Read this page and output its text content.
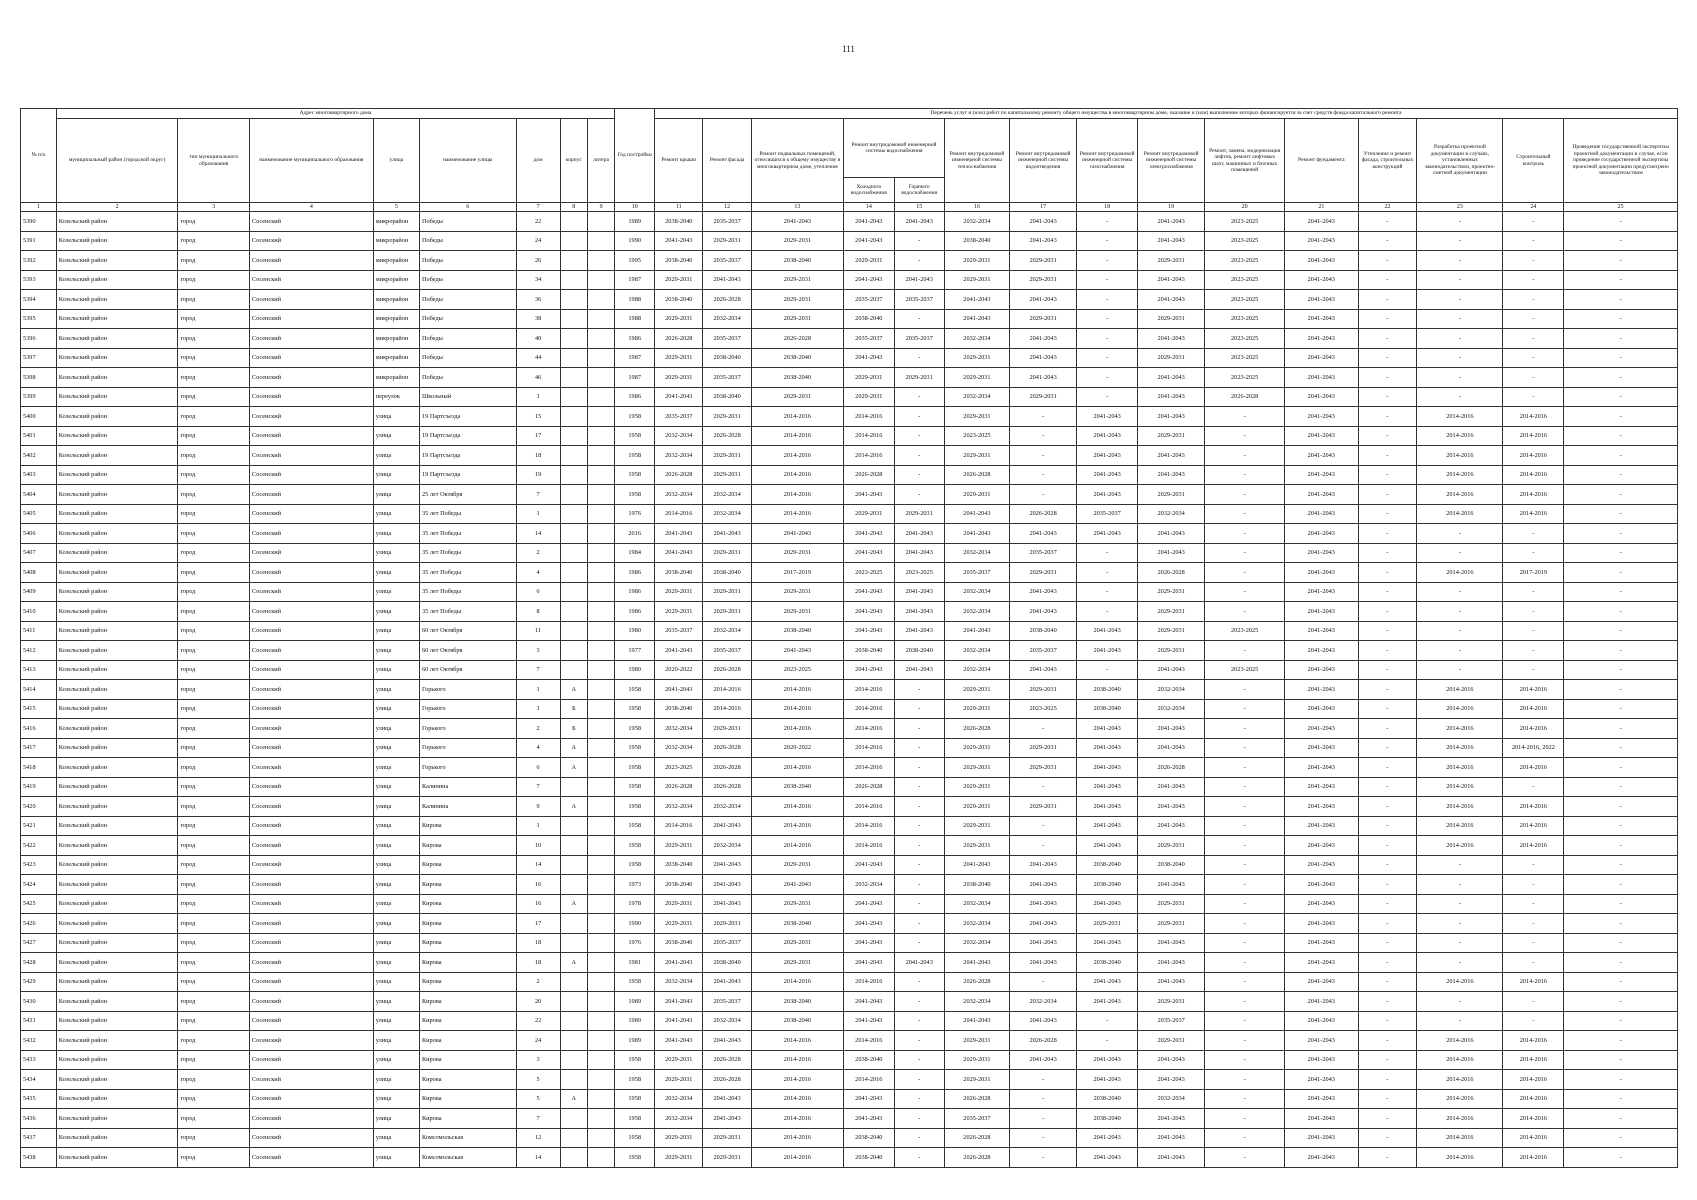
111
№ п/п	Адрес многоквартирного дома								Год постройки	Перечень услуг и (или) работ по капитальному ремонту общего имущества в многоквартирном доме, оказание и (или) выполнение которых финансируется за счет средств фонда капитального ремонта														
	муниципальный район (городской округ)	тип муниципального образования	наименование муниципального образования	улица	наименование улицы	дом	корпус	литера		Ремонт крыши	Ремонт фасада	Ремонт подвальных помещений, относящихся к общему имуществу в многоквартирном доме, утепление	Ремонт внутридомовой инженерной системы водоснабжения		Ремонт внутридомовой инженерной системы теплоснабжения	Ремонт внутридомовой инженерной системы водоотведения	Ремонт внутридомовой инженерной системы газоснабжения	Ремонт внутридомовой инженерной системы электроснабжения	Ремонт, замена, модернизация лифтов, ремонт лифтовых шахт, машинных и блочных помещений	Ремонт фундамента	Утепление и ремонт фасада, строительных конструкций	Разработка проектной документации в случаях, установленных законодательством, проектно-сметной документации	Строительный контроль	Проведение государственной экспертизы проектной документации в случае, если проведение государственной экспертизы проектной документации предусмотрено законодательством
													Холодного водоснабжения	Горячего водоснабжения										
1	2	3	4	5	6	7	8	9	10	11	12	13	14	15	16	17	18	19	20	21	22	23	24	25
5390	Козельский район	город	Сосенский	микрорайон	Победы	22			1989	2038-2040	2035-2037	2041-2043	2041-2043	2041-2043	2032-2034	2041-2043	-	2041-2043	2023-2025	2041-2043	-	-	-	-
5391	Козельский район	город	Сосенский	микрорайон	Победы	24			1990	2041-2043	2029-2031	2029-2031	2041-2043	-	2038-2040	2041-2043	-	2041-2043	2023-2025	2041-2043	-	-	-	-
5392	Козельский район	город	Сосенский	микрорайон	Победы	26			1995	2038-2040	2035-2037	2038-2040	2029-2031	-	2029-2031	2029-2031	-	2029-2031	2023-2025	2041-2043	-	-	-	-
5393	Козельский район	город	Сосенский	микрорайон	Победы	34			1987	2029-2031	2041-2043	2029-2031	2041-2043	2041-2043	2029-2031	2029-2031	-	2041-2043	2023-2025	2041-2043	-	-	-	-
5394	Козельский район	город	Сосенский	микрорайон	Победы	36			1988	2038-2040	2026-2028	2029-2031	2035-2037	2035-2037	2041-2043	2041-2043	-	2041-2043	2023-2025	2041-2043	-	-	-	-
5395	Козельский район	город	Сосенский	микрорайон	Победы	38			1988	2029-2031	2032-2034	2029-2031	2038-2040	-	2041-2043	2029-2031	-	2029-2031	2023-2025	2041-2043	-	-	-	-
5396	Козельский район	город	Сосенский	микрорайон	Победы	40			1986	2026-2028	2035-2037	2026-2028	2035-2037	2035-2037	2032-2034	2041-2043	-	2041-2043	2023-2025	2041-2043	-	-	-	-
5397	Козельский район	город	Сосенский	микрорайон	Победы	44			1987	2029-2031	2038-2040	2038-2040	2041-2043	-	2029-2031	2041-2043	-	2029-2031	2023-2025	2041-2043	-	-	-	-
5398	Козельский район	город	Сосенский	микрорайон	Победы	46			1987	2029-2031	2035-2037	2038-2040	2029-2031	2029-2031	2029-2031	2041-2043	-	2041-2043	2023-2025	2041-2043	-	-	-	-
5399	Козельский район	город	Сосенский	переулок	Школьный	1			1986	2041-2043	2038-2040	2029-2031	2029-2031	-	2032-2034	2029-2031	-	2041-2043	2026-2028	2041-2043	-	-	-	-
5400	Козельский район	город	Сосенский	улица	19 Партсъезда	15			1958	2035-2037	2029-2031	2014-2016	2014-2016	-	2029-2031	-	2041-2043	2041-2043	-	2041-2043	-	2014-2016	2014-2016	-
5401	Козельский район	город	Сосенский	улица	19 Партсъезда	17			1958	2032-2034	2026-2028	2014-2016	2014-2016	-	2023-2025	-	2041-2043	2029-2031	-	2041-2043	-	2014-2016	2014-2016	-
5402	Козельский район	город	Сосенский	улица	19 Партсъезда	18			1958	2032-2034	2029-2031	2014-2016	2014-2016	-	2029-2031	-	2041-2043	2041-2043	-	2041-2043	-	2014-2016	2014-2016	-
5403	Козельский район	город	Сосенский	улица	19 Партсъезда	19			1958	2026-2028	2029-2031	2014-2016	2026-2028	-	2026-2028	-	2041-2043	2041-2043	-	2041-2043	-	2014-2016	2014-2016	-
5404	Козельский район	город	Сосенский	улица	25 лет Октября	7			1958	2032-2034	2032-2034	2014-2016	2041-2043	-	2029-2031	-	2041-2043	2029-2031	-	2041-2043	-	2014-2016	2014-2016	-
5405	Козельский район	город	Сосенский	улица	35 лет Победы	1			1976	2014-2016	2032-2034	2014-2016	2029-2031	2029-2031	2041-2043	2026-2028	2035-2037	2032-2034	-	2041-2043	-	2014-2016	2014-2016	-
5406	Козельский район	город	Сосенский	улица	35 лет Победы	14			2016	2041-2043	2041-2043	2041-2043	2041-2043	2041-2043	2041-2043	2041-2043	2041-2043	2041-2043	-	2041-2043	-	-	-	-
5407	Козельский район	город	Сосенский	улица	35 лет Победы	2			1984	2041-2043	2029-2031	2029-2031	2041-2043	2041-2043	2032-2034	2035-2037	-	2041-2043	-	2041-2043	-	-	-	-
5408	Козельский район	город	Сосенский	улица	35 лет Победы	4			1986	2038-2040	2038-2040	2017-2019	2023-2025	2023-2025	2035-2037	2029-2031	-	2026-2028	-	2041-2043	-	2014-2016	2017-2019	-
5409	Козельский район	город	Сосенский	улица	35 лет Победы	6			1986	2029-2031	2029-2031	2029-2031	2041-2043	2041-2043	2032-2034	2041-2043	-	2029-2031	-	2041-2043	-	-	-	-
5410	Козельский район	город	Сосенский	улица	35 лет Победы	8			1986	2029-2031	2029-2031	2029-2031	2041-2043	2041-2043	2032-2034	2041-2043	-	2029-2031	-	2041-2043	-	-	-	-
5411	Козельский район	город	Сосенский	улица	60 лет Октября	11			1980	2035-2037	2032-2034	2038-2040	2041-2043	2041-2043	2041-2043	2038-2040	2041-2043	2029-2031	2023-2025	2041-2043	-	-	-	-
5412	Козельский район	город	Сосенский	улица	60 лет Октября	3			1977	2041-2043	2035-2037	2041-2043	2038-2040	2038-2040	2032-2034	2035-2037	2041-2043	2029-2031	-	2041-2043	-	-	-	-
5413	Козельский район	город	Сосенский	улица	60 лет Октября	7			1980	2020-2022	2026-2028	2023-2025	2041-2043	2041-2043	2032-2034	2041-2043	-	2041-2043	2023-2025	2041-2043	-	-	-	-
5414	Козельский район	город	Сосенский	улица	Горького	1	А		1958	2041-2043	2014-2016	2014-2016	2014-2016	-	2029-2031	2029-2031	2038-2040	2032-2034	-	2041-2043	-	2014-2016	2014-2016	-
5415	Козельский район	город	Сосенский	улица	Горького	1	Б		1958	2038-2040	2014-2016	2014-2016	2014-2016	-	2029-2031	2023-2025	2038-2040	2032-2034	-	2041-2043	-	2014-2016	2014-2016	-
5416	Козельский район	город	Сосенский	улица	Горького	2	Б		1958	2032-2034	2029-2031	2014-2016	2014-2016	-	2026-2028	-	2041-2043	2041-2043	-	2041-2043	-	2014-2016	2014-2016	-
5417	Козельский район	город	Сосенский	улица	Горького	4	А		1958	2032-2034	2026-2028	2020-2022	2014-2016	-	2029-2031	2029-2031	2041-2043	2041-2043	-	2041-2043	-	2014-2016	2014-2016, 2022	-
5418	Козельский район	город	Сосенский	улица	Горького	6	А		1958	2023-2025	2026-2028	2014-2016	2014-2016	-	2029-2031	2029-2031	2041-2043	2026-2028	-	2041-2043	-	2014-2016	2014-2016	-
5419	Козельский район	город	Сосенский	улица	Калинина	7			1958	2026-2028	2026-2028	2038-2040	2026-2028	-	2029-2031	-	2041-2043	2041-2043	-	2041-2043	-	2014-2016	-	-
5420	Козельский район	город	Сосенский	улица	Калинина	9	А		1958	2032-2034	2032-2034	2014-2016	2014-2016	-	2029-2031	2029-2031	2041-2043	2041-2043	-	2041-2043	-	2014-2016	2014-2016	-
5421	Козельский район	город	Сосенский	улица	Кирова	1			1958	2014-2016	2041-2043	2014-2016	2014-2016	-	2029-2031	-	2041-2043	2041-2043	-	2041-2043	-	2014-2016	2014-2016	-
5422	Козельский район	город	Сосенский	улица	Кирова	10			1958	2029-2031	2032-2034	2014-2016	2014-2016	-	2029-2031	-	2041-2043	2029-2031	-	2041-2043	-	2014-2016	2014-2016	-
5423	Козельский район	город	Сосенский	улица	Кирова	14			1958	2038-2040	2041-2043	2029-2031	2041-2043	-	2041-2043	2041-2043	2038-2040	2038-2040	-	2041-2043	-	-	-	-
5424	Козельский район	город	Сосенский	улица	Кирова	16			1973	2038-2040	2041-2043	2041-2043	2032-2034	-	2038-2040	2041-2043	2038-2040	2041-2043	-	2041-2043	-	-	-	-
5425	Козельский район	город	Сосенский	улица	Кирова	16	А		1978	2029-2031	2041-2043	2029-2031	2041-2043	-	2032-2034	2041-2043	2041-2043	2029-2031	-	2041-2043	-	-	-	-
5426	Козельский район	город	Сосенский	улица	Кирова	17			1990	2029-2031	2029-2031	2038-2040	2041-2043	-	2032-2034	2041-2043	2029-2031	2029-2031	-	2041-2043	-	-	-	-
5427	Козельский район	город	Сосенский	улица	Кирова	18			1976	2038-2040	2035-2037	2029-2031	2041-2043	-	2032-2034	2041-2043	2041-2043	2041-2043	-	2041-2043	-	-	-	-
5428	Козельский район	город	Сосенский	улица	Кирова	18	А		1981	2041-2043	2038-2040	2029-2031	2041-2043	2041-2043	2041-2043	2041-2043	2038-2040	2041-2043	-	2041-2043	-	-	-	-
5429	Козельский район	город	Сосенский	улица	Кирова	2			1958	2032-2034	2041-2043	2014-2016	2014-2016	-	2026-2028	-	2041-2043	2041-2043	-	2041-2043	-	2014-2016	2014-2016	-
5430	Козельский район	город	Сосенский	улица	Кирова	20			1989	2041-2043	2035-2037	2038-2040	2041-2043	-	2032-2034	2032-2034	2041-2043	2029-2031	-	2041-2043	-	-	-	-
5431	Козельский район	город	Сосенский	улица	Кирова	22			1989	2041-2043	2032-2034	2038-2040	2041-2043	-	2041-2043	2041-2043	-	2035-2037	-	2041-2043	-	-	-	-
5432	Козельский район	город	Сосенский	улица	Кирова	24			1989	2041-2043	2041-2043	2014-2016	2014-2016	-	2029-2031	2026-2028	-	2029-2031	-	2041-2043	-	2014-2016	2014-2016	-
5433	Козельский район	город	Сосенский	улица	Кирова	3			1958	2029-2031	2026-2028	2014-2016	2038-2040	-	2029-2031	2041-2043	2041-2043	2041-2043	-	2041-2043	-	2014-2016	2014-2016	-
5434	Козельский район	город	Сосенский	улица	Кирова	5			1958	2029-2031	2026-2028	2014-2016	2014-2016	-	2029-2031	-	2041-2043	2041-2043	-	2041-2043	-	2014-2016	2014-2016	-
5435	Козельский район	город	Сосенский	улица	Кирова	5	А		1958	2032-2034	2041-2043	2014-2016	2041-2043	-	2026-2028	-	2038-2040	2032-2034	-	2041-2043	-	2014-2016	2014-2016	-
5436	Козельский район	город	Сосенский	улица	Кирова	7			1958	2032-2034	2041-2043	2014-2016	2041-2043	-	2035-2037	-	2038-2040	2041-2043	-	2041-2043	-	2014-2016	2014-2016	-
5437	Козельский район	город	Сосенский	улица	Комсомольская	12			1958	2029-2031	2029-2031	2014-2016	2038-2040	-	2026-2028	-	2041-2043	2041-2043	-	2041-2043	-	2014-2016	2014-2016	-
5438	Козельский район	город	Сосенский	улица	Комсомольская	14			1958	2029-2031	2029-2031	2014-2016	2038-2040	-	2026-2028	-	2041-2043	2041-2043	-	2041-2043	-	2014-2016	2014-2016	-
